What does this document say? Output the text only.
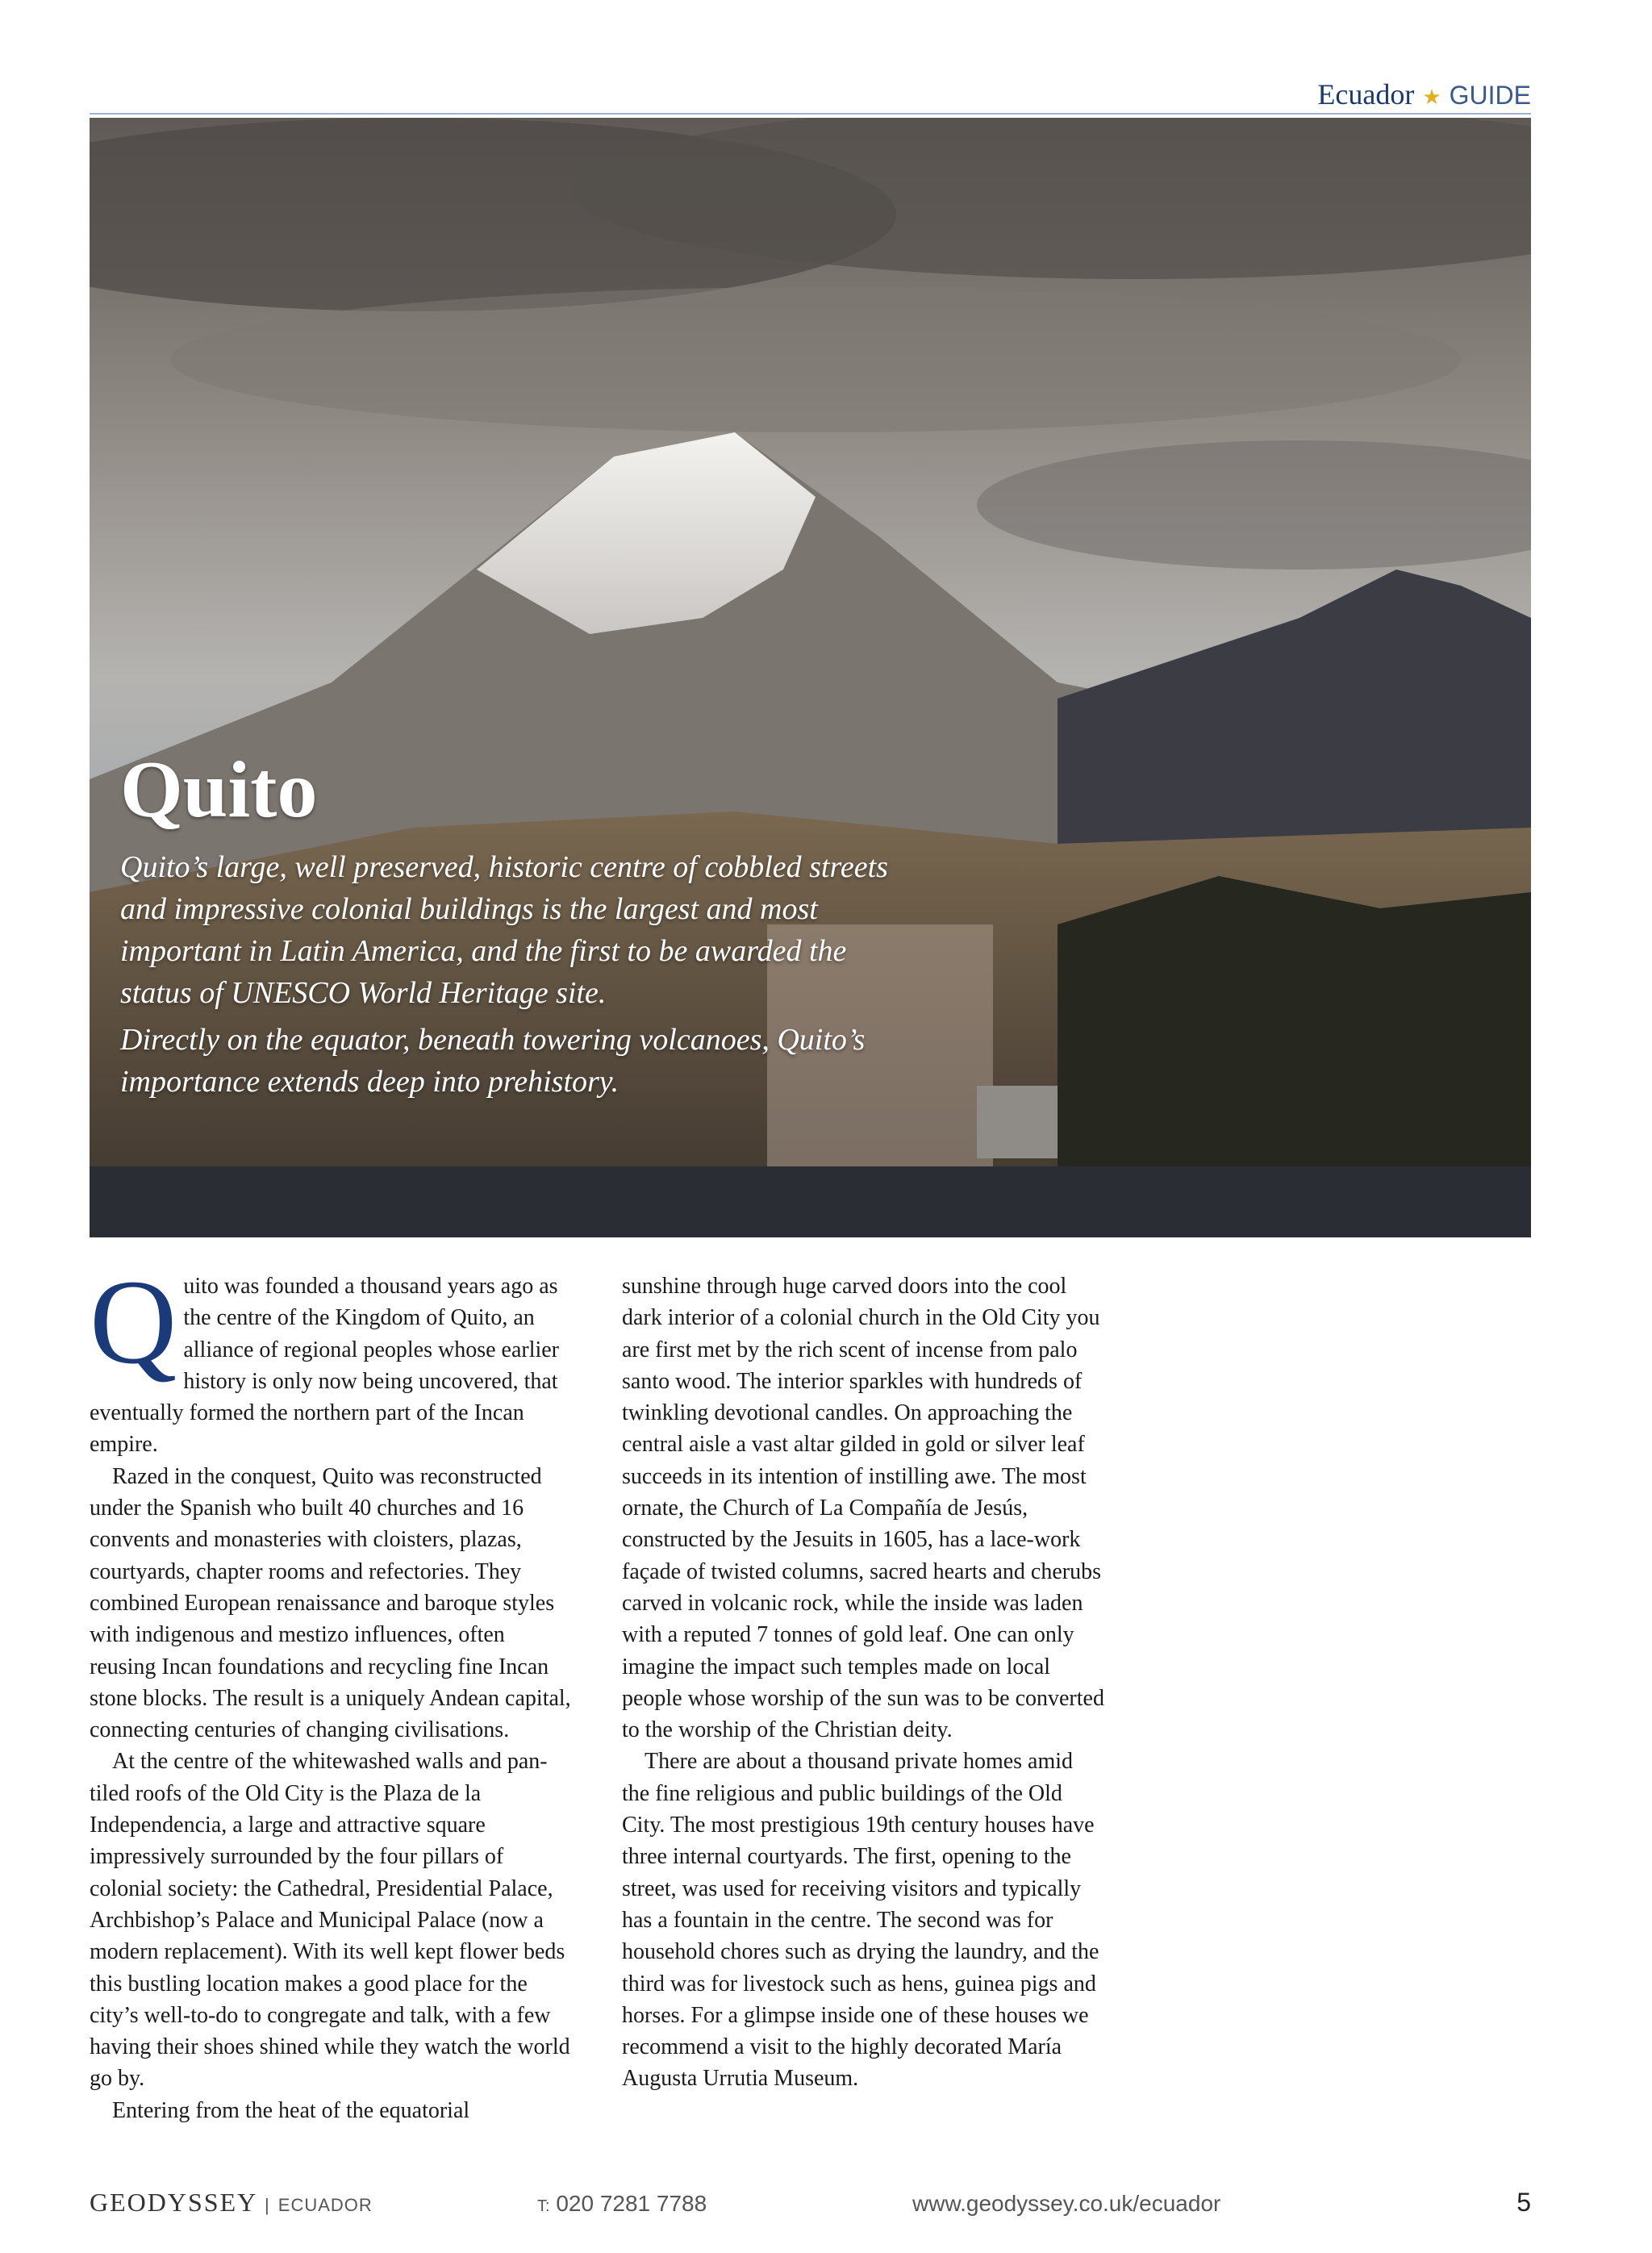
Ecuador ★ GUIDE
Quito

Quito’s large, well preserved, historic centre of cobbled streets and impressive colonial buildings is the largest and most important in Latin America, and the first to be awarded the status of UNESCO World Heritage site.

Directly on the equator, beneath towering volcanoes, Quito’s importance extends deep into prehistory.

Quito was founded a thousand years ago as the centre of the Kingdom of Quito, an alliance of regional peoples whose earlier history is only now being uncovered, that eventually formed the northern part of the Incan empire.

Razed in the conquest, Quito was reconstructed under the Spanish who built 40 churches and 16 convents and monasteries with cloisters, plazas, courtyards, chapter rooms and refectories. They combined European renaissance and baroque styles with indigenous and mestizo influences, often reusing Incan foundations and recycling fine Incan stone blocks. The result is a uniquely Andean capital, connecting centuries of changing civilisations.

At the centre of the whitewashed walls and pan-tiled roofs of the Old City is the Plaza de la Independencia, a large and attractive square impressively surrounded by the four pillars of colonial society: the Cathedral, Presidential Palace, Archbishop’s Palace and Municipal Palace (now a modern replacement). With its well kept flower beds this bustling location makes a good place for the city’s well-to-do to congregate and talk, with a few having their shoes shined while they watch the world go by.

Entering from the heat of the equatorial

sunshine through huge carved doors into the cool dark interior of a colonial church in the Old City you are first met by the rich scent of incense from palo santo wood. The interior sparkles with hundreds of twinkling devotional candles. On approaching the central aisle a vast altar gilded in gold or silver leaf succeeds in its intention of instilling awe. The most ornate, the Church of La Compañía de Jesús, constructed by the Jesuits in 1605, has a lace-work façade of twisted columns, sacred hearts and cherubs carved in volcanic rock, while the inside was laden with a reputed 7 tonnes of gold leaf. One can only imagine the impact such temples made on local people whose worship of the sun was to be converted to the worship of the Christian deity.

There are about a thousand private homes amid the fine religious and public buildings of the Old City. The most prestigious 19th century houses have three internal courtyards. The first, opening to the street, was used for receiving visitors and typically has a fountain in the centre. The second was for household chores such as drying the laundry, and the third was for livestock such as hens, guinea pigs and horses. For a glimpse inside one of these houses we recommend a visit to the highly decorated María Augusta Urrutia Museum.

GEODYSSEY | ECUADOR	T: 020 7281 7788	www.geodyssey.co.uk/ecuador	5
